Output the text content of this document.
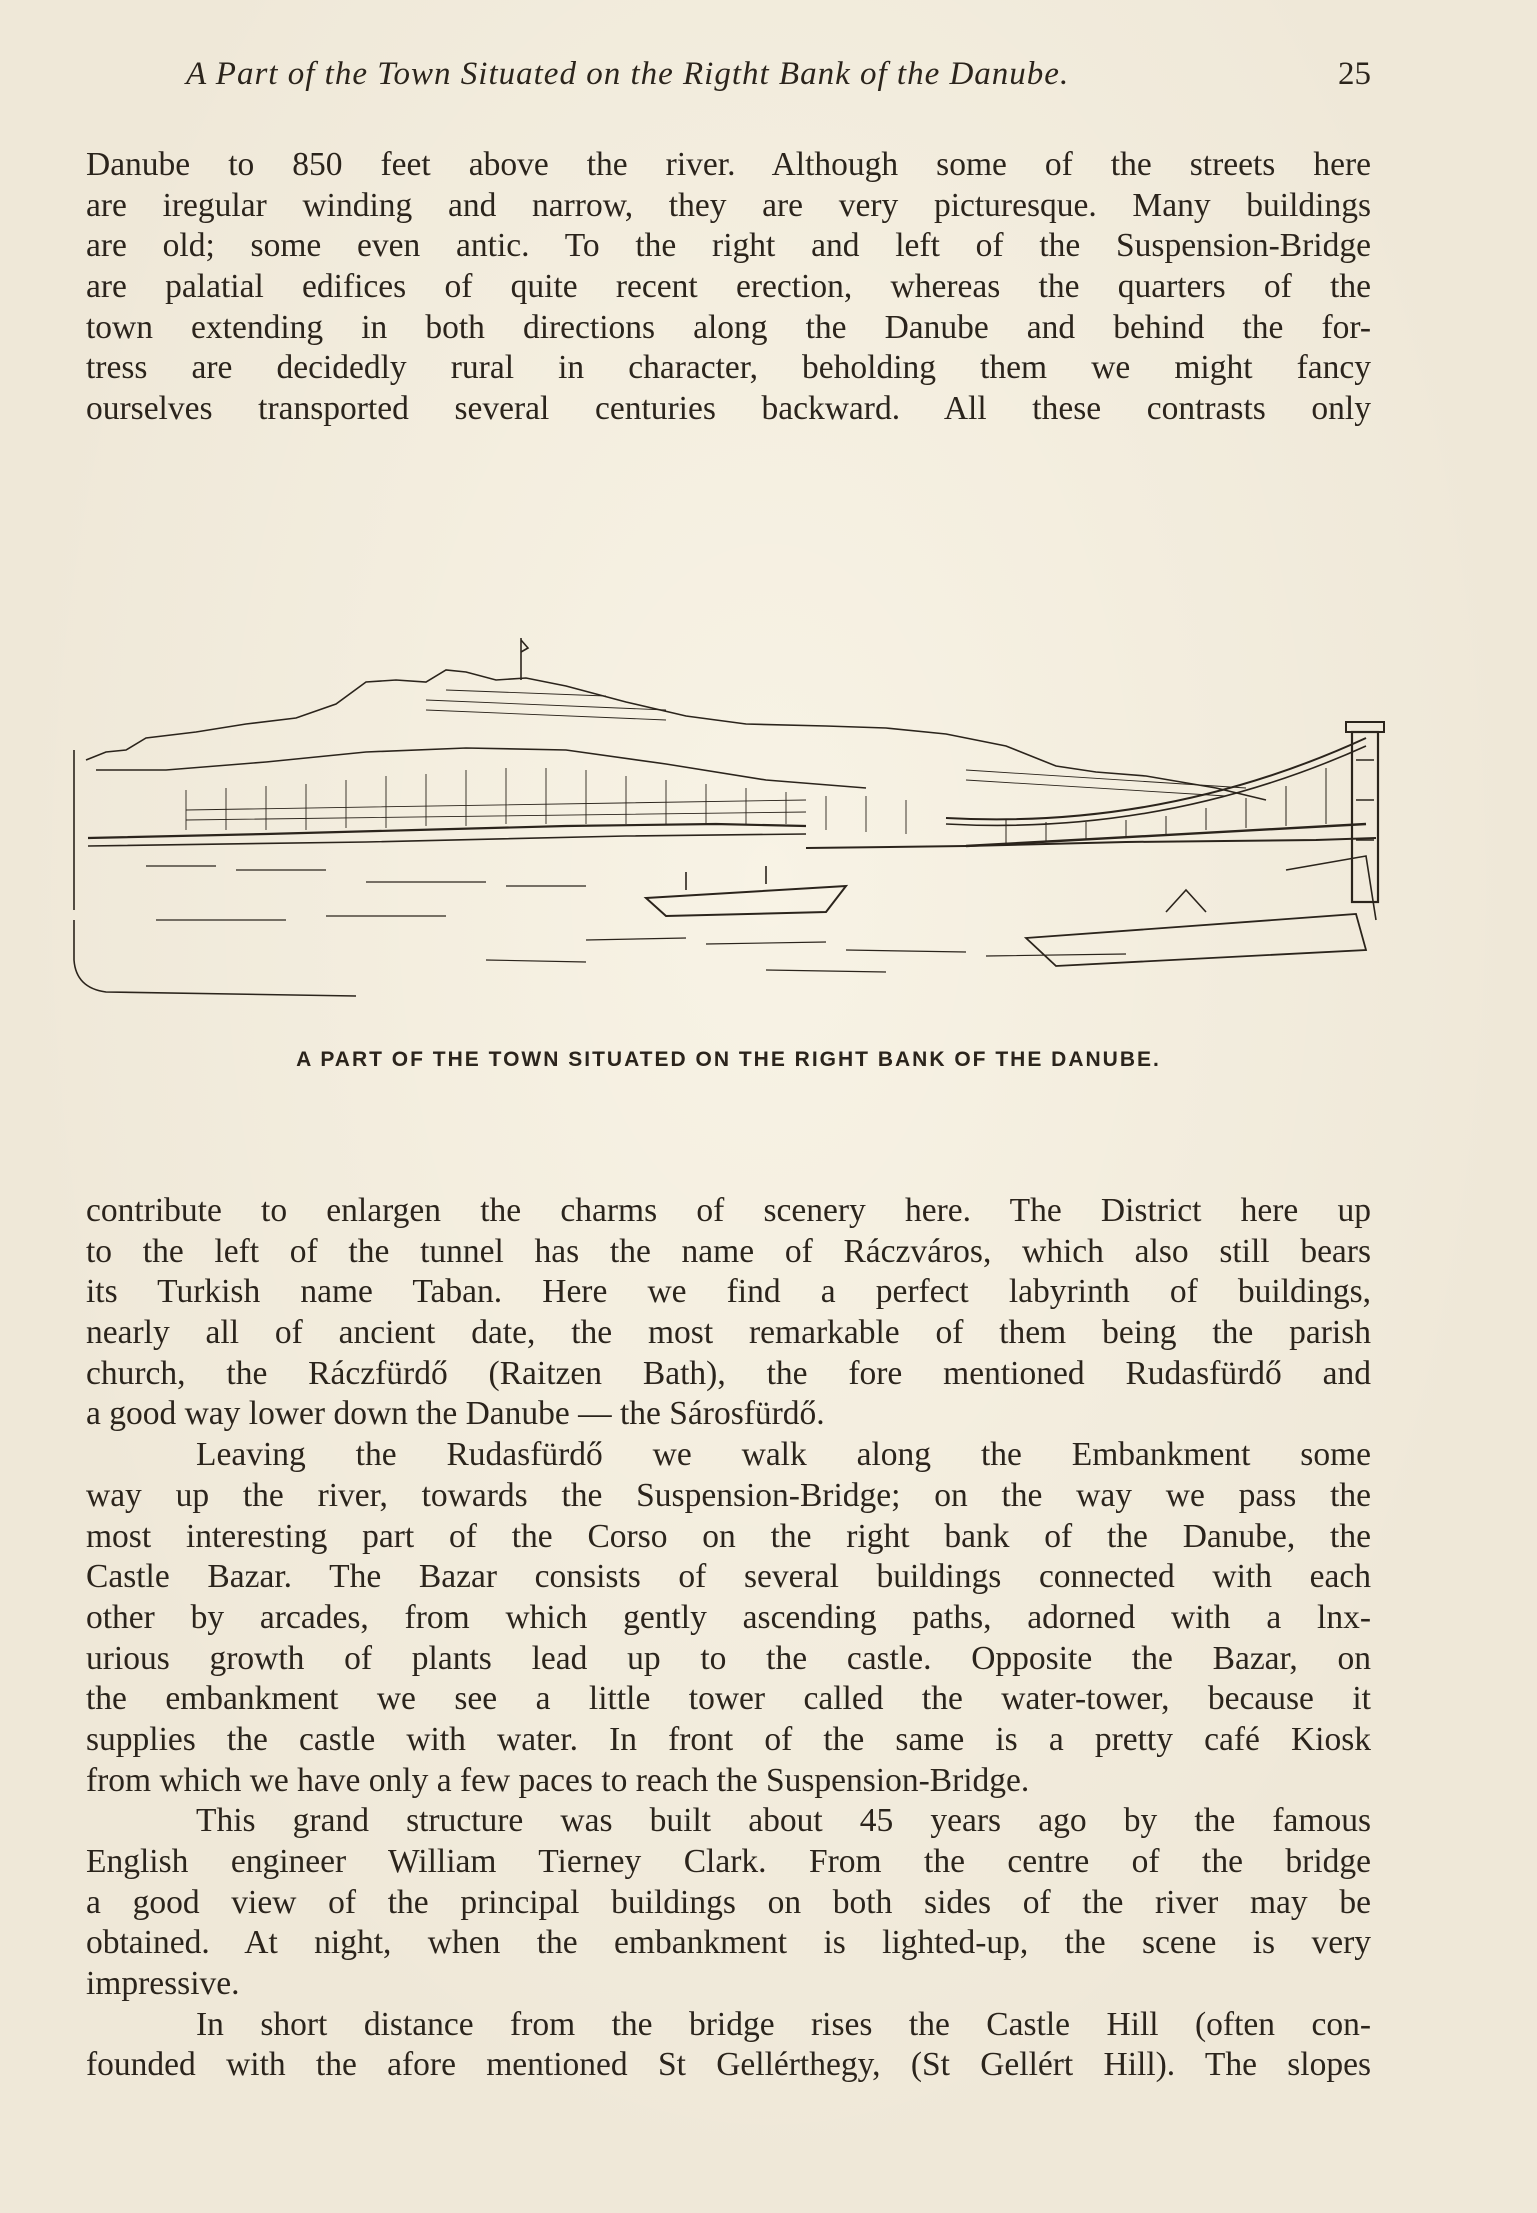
A Part of the Town Situated on the Rigtht Bank of the Danube.	25
Danube to 850 feet above the river. Although some of the streets here
are iregular winding and narrow, they are very picturesque. Many buildings
are old; some even antic. To the right and left of the Suspension-Bridge
are palatial edifices of quite recent erection, whereas the quarters of the
town extending in both directions along the Danube and behind the for-
tress are decidedly rural in character, beholding them we might fancy
ourselves transported several centuries backward. All these contrasts only
A PART OF THE TOWN SITUATED ON THE RIGHT BANK OF THE DANUBE.
contribute to enlargen the charms of scenery here. The District here up
to the left of the tunnel has the name of Ráczváros, which also still bears
its Turkish name Taban. Here we find a perfect labyrinth of buildings,
nearly all of ancient date, the most remarkable of them being the parish
church, the Ráczfürdő (Raitzen Bath), the fore mentioned Rudasfürdő and
a good way lower down the Danube — the Sárosfürdő.
Leaving the Rudasfürdő we walk along the Embankment some
way up the river, towards the Suspension-Bridge; on the way we pass the
most interesting part of the Corso on the right bank of the Danube, the
Castle Bazar. The Bazar consists of several buildings connected with each
other by arcades, from which gently ascending paths, adorned with a lnx-
urious growth of plants lead up to the castle. Opposite the Bazar, on
the embankment we see a little tower called the water-tower, because it
supplies the castle with water. In front of the same is a pretty café Kiosk
from which we have only a few paces to reach the Suspension-Bridge.
This grand structure was built about 45 years ago by the famous
English engineer William Tierney Clark. From the centre of the bridge
a good view of the principal buildings on both sides of the river may be
obtained. At night, when the embankment is lighted-up, the scene is very
impressive.
In short distance from the bridge rises the Castle Hill (often con-
founded with the afore mentioned St Gellérthegy, (St Gellért Hill). The slopes
